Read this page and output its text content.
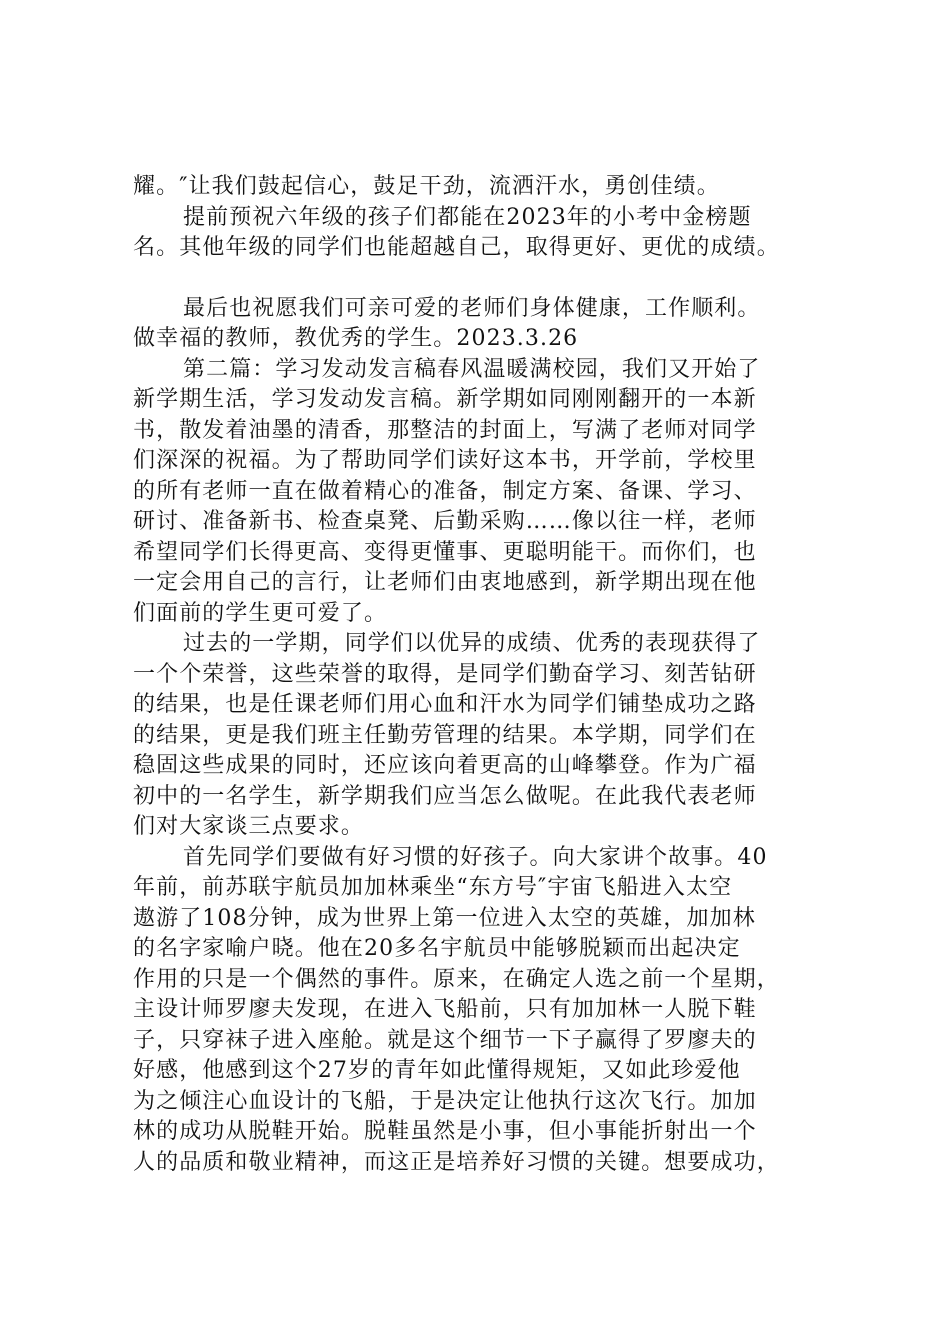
耀。″让我们鼓起信心，鼓足干劲，流洒汗水，勇创佳绩。
提前预祝六年级的孩子们都能在2023年的小考中金榜题
名。其他年级的同学们也能超越自己，取得更好、更优的成绩。
最后也祝愿我们可亲可爱的老师们身体健康，工作顺利。
做幸福的教师，教优秀的学生。2023.3.26
第二篇：学习发动发言稿春风温暖满校园，我们又开始了
新学期生活，学习发动发言稿。新学期如同刚刚翻开的一本新
书，散发着油墨的清香，那整洁的封面上，写满了老师对同学
们深深的祝福。为了帮助同学们读好这本书，开学前，学校里
的所有老师一直在做着精心的准备，制定方案、备课、学习、
研讨、准备新书、检查桌凳、后勤采购……像以往一样，老师
希望同学们长得更高、变得更懂事、更聪明能干。而你们，也
一定会用自己的言行，让老师们由衷地感到，新学期出现在他
们面前的学生更可爱了。
过去的一学期，同学们以优异的成绩、优秀的表现获得了
一个个荣誉，这些荣誉的取得，是同学们勤奋学习、刻苦钻研
的结果，也是任课老师们用心血和汗水为同学们铺垫成功之路
的结果，更是我们班主任勤劳管理的结果。本学期，同学们在
稳固这些成果的同时，还应该向着更高的山峰攀登。作为广福
初中的一名学生，新学期我们应当怎么做呢。在此我代表老师
们对大家谈三点要求。
首先同学们要做有好习惯的好孩子。向大家讲个故事。40
年前，前苏联宇航员加加林乘坐“东方号″宇宙飞船进入太空
遨游了108分钟，成为世界上第一位进入太空的英雄，加加林
的名字家喻户晓。他在20多名宇航员中能够脱颖而出起决定
作用的只是一个偶然的事件。原来，在确定人选之前一个星期，
主设计师罗廖夫发现，在进入飞船前，只有加加林一人脱下鞋
子，只穿袜子进入座舱。就是这个细节一下子赢得了罗廖夫的
好感，他感到这个27岁的青年如此懂得规矩，又如此珍爱他
为之倾注心血设计的飞船，于是决定让他执行这次飞行。加加
林的成功从脱鞋开始。脱鞋虽然是小事，但小事能折射出一个
人的品质和敬业精神，而这正是培养好习惯的关键。想要成功，
